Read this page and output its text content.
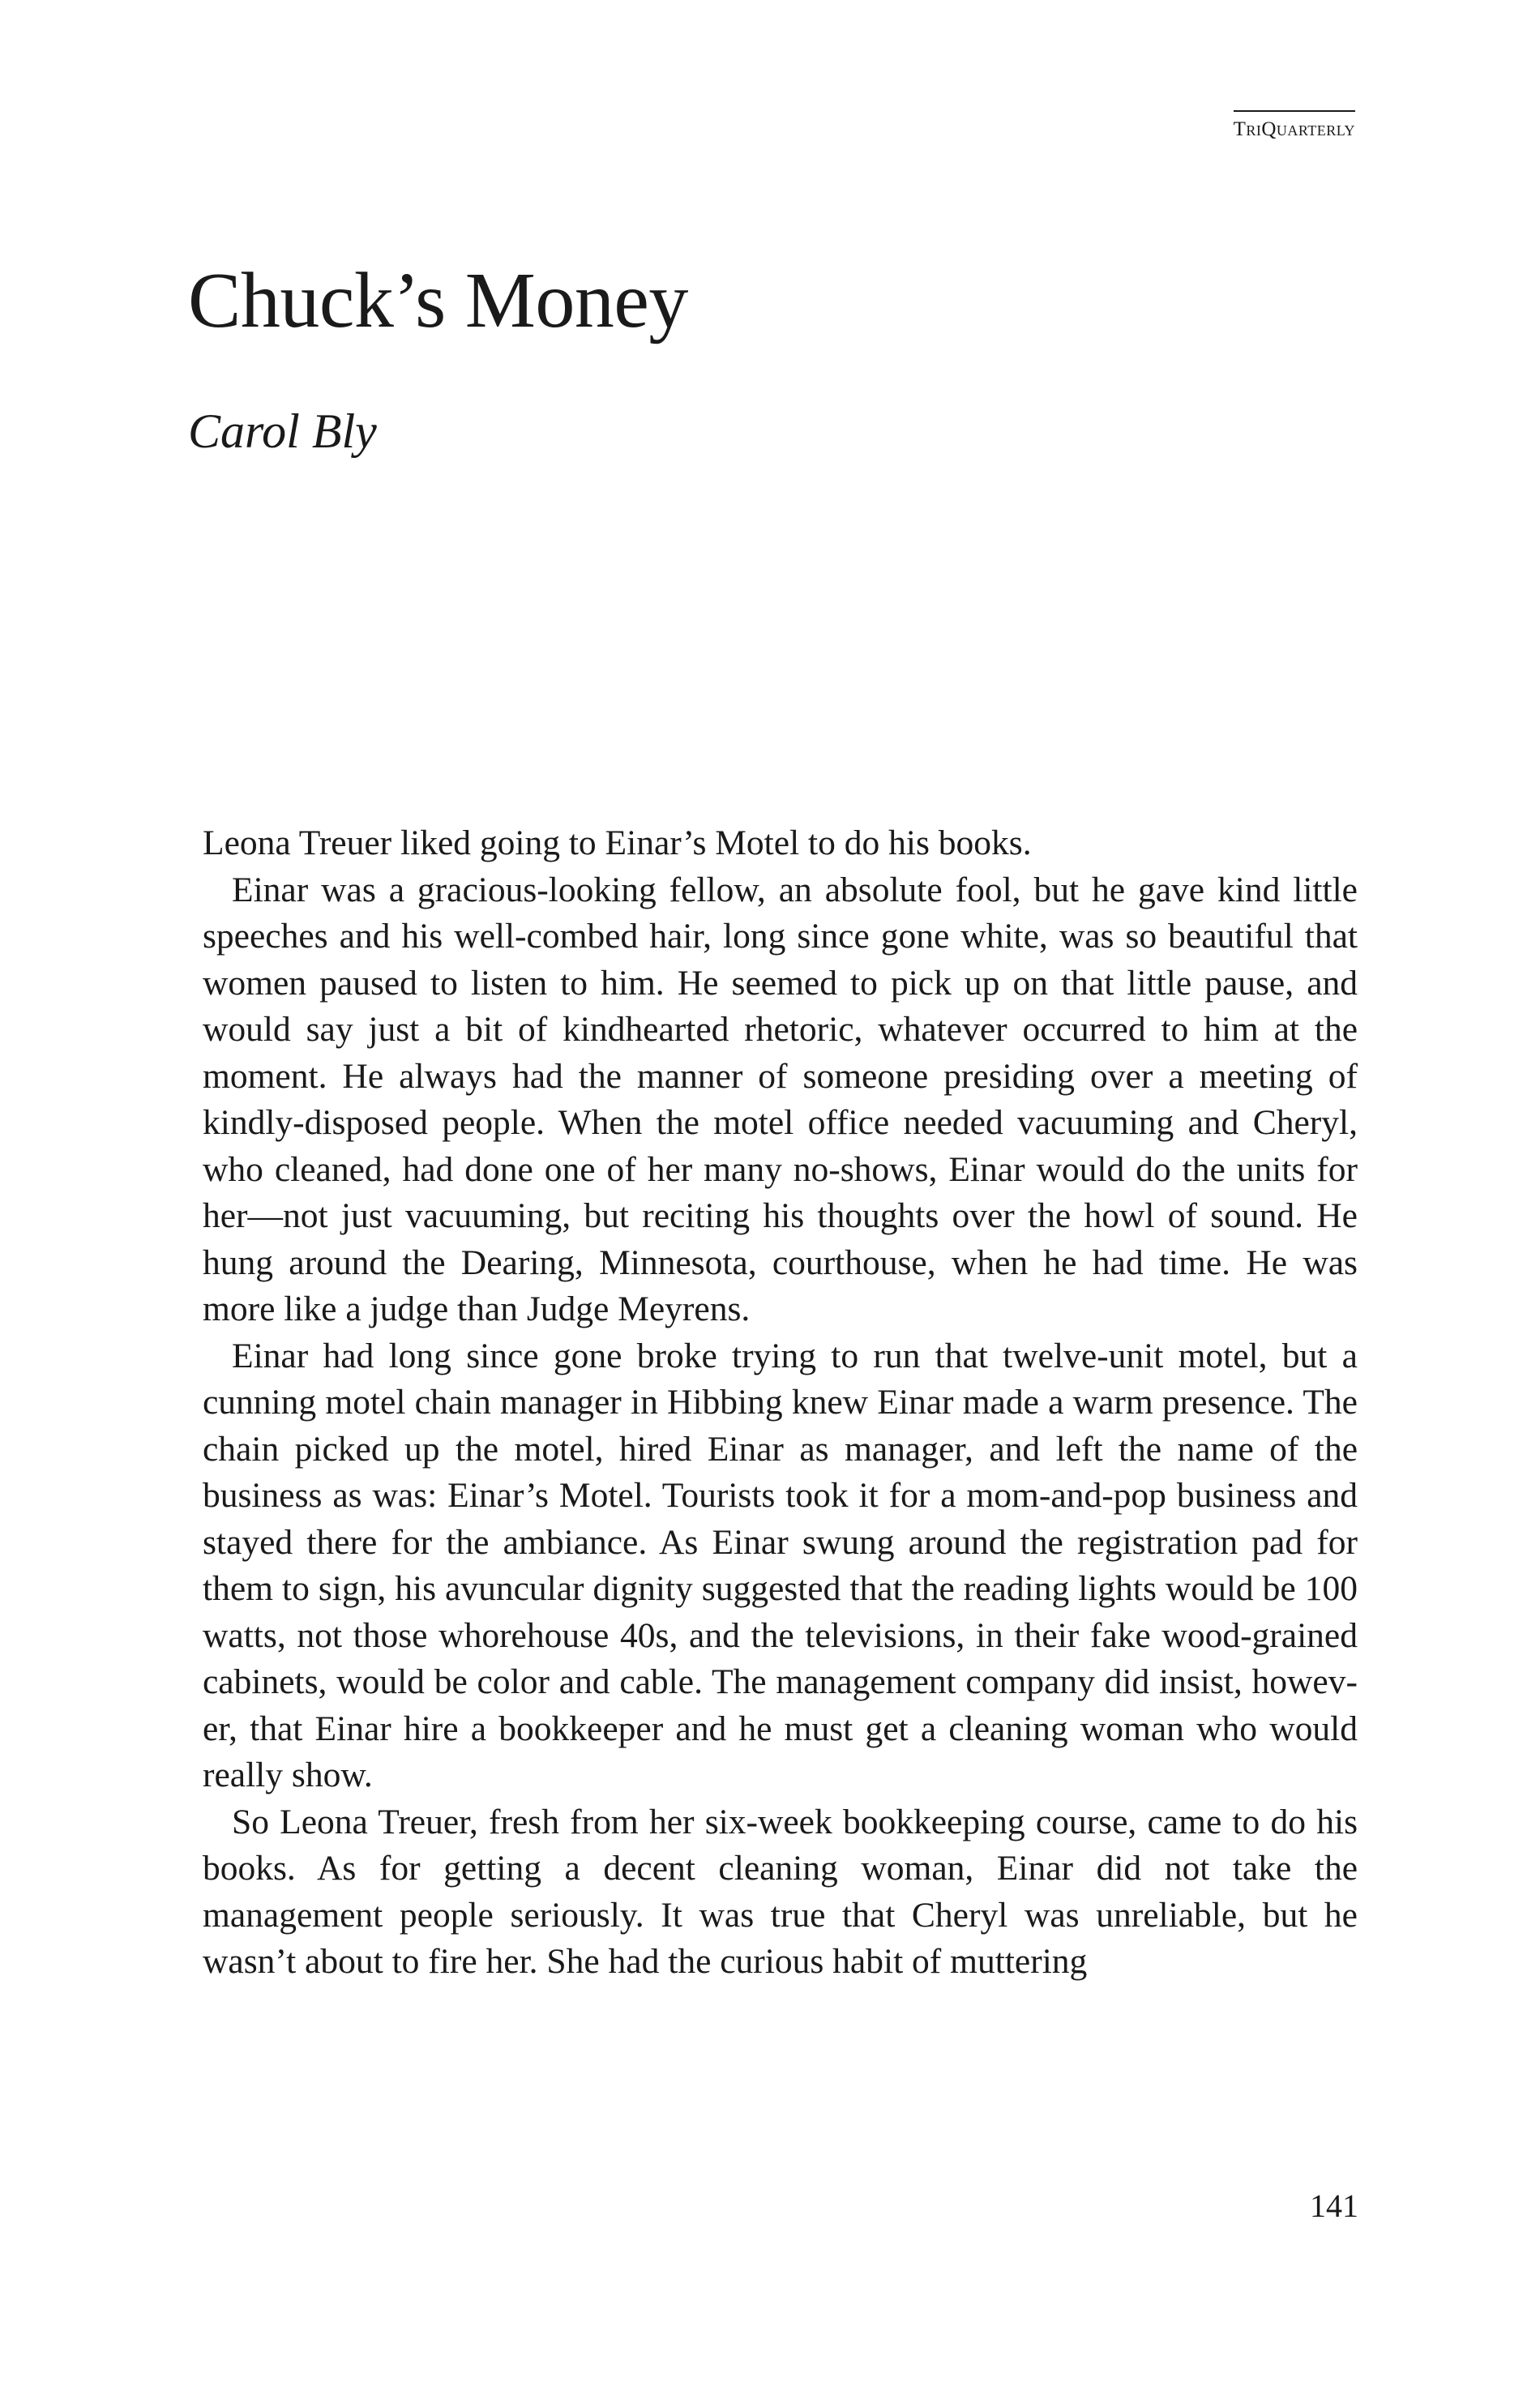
TriQuarterly
Chuck’s Money
Carol Bly

Leona Treuer liked going to Einar’s Motel to do his books.

Einar was a gracious-looking fellow, an absolute fool, but he gave kind little speeches and his well-combed hair, long since gone white, was so beautiful that women paused to listen to him. He seemed to pick up on that little pause, and would say just a bit of kindhearted rhetoric, whatever occurred to him at the moment. He always had the manner of someone presiding over a meeting of kindly-disposed people. When the motel office needed vacuuming and Cheryl, who cleaned, had done one of her many no-shows, Einar would do the units for her—not just vacuuming, but reciting his thoughts over the howl of sound. He hung around the Dearing, Minnesota, courthouse, when he had time. He was more like a judge than Judge Meyrens.

Einar had long since gone broke trying to run that twelve-unit motel, but a cunning motel chain manager in Hibbing knew Einar made a warm presence. The chain picked up the motel, hired Einar as manager, and left the name of the business as was: Einar’s Motel. Tourists took it for a mom-and-pop business and stayed there for the ambiance. As Einar swung around the registration pad for them to sign, his avuncular dignity suggested that the reading lights would be 100 watts, not those whorehouse 40s, and the televisions, in their fake wood-grained cabinets, would be color and cable. The management company did insist, however, that Einar hire a bookkeeper and he must get a cleaning woman who would really show.

So Leona Treuer, fresh from her six-week bookkeeping course, came to do his books. As for getting a decent cleaning woman, Einar did not take the management people seriously. It was true that Cheryl was unreliable, but he wasn’t about to fire her. She had the curious habit of muttering

141
